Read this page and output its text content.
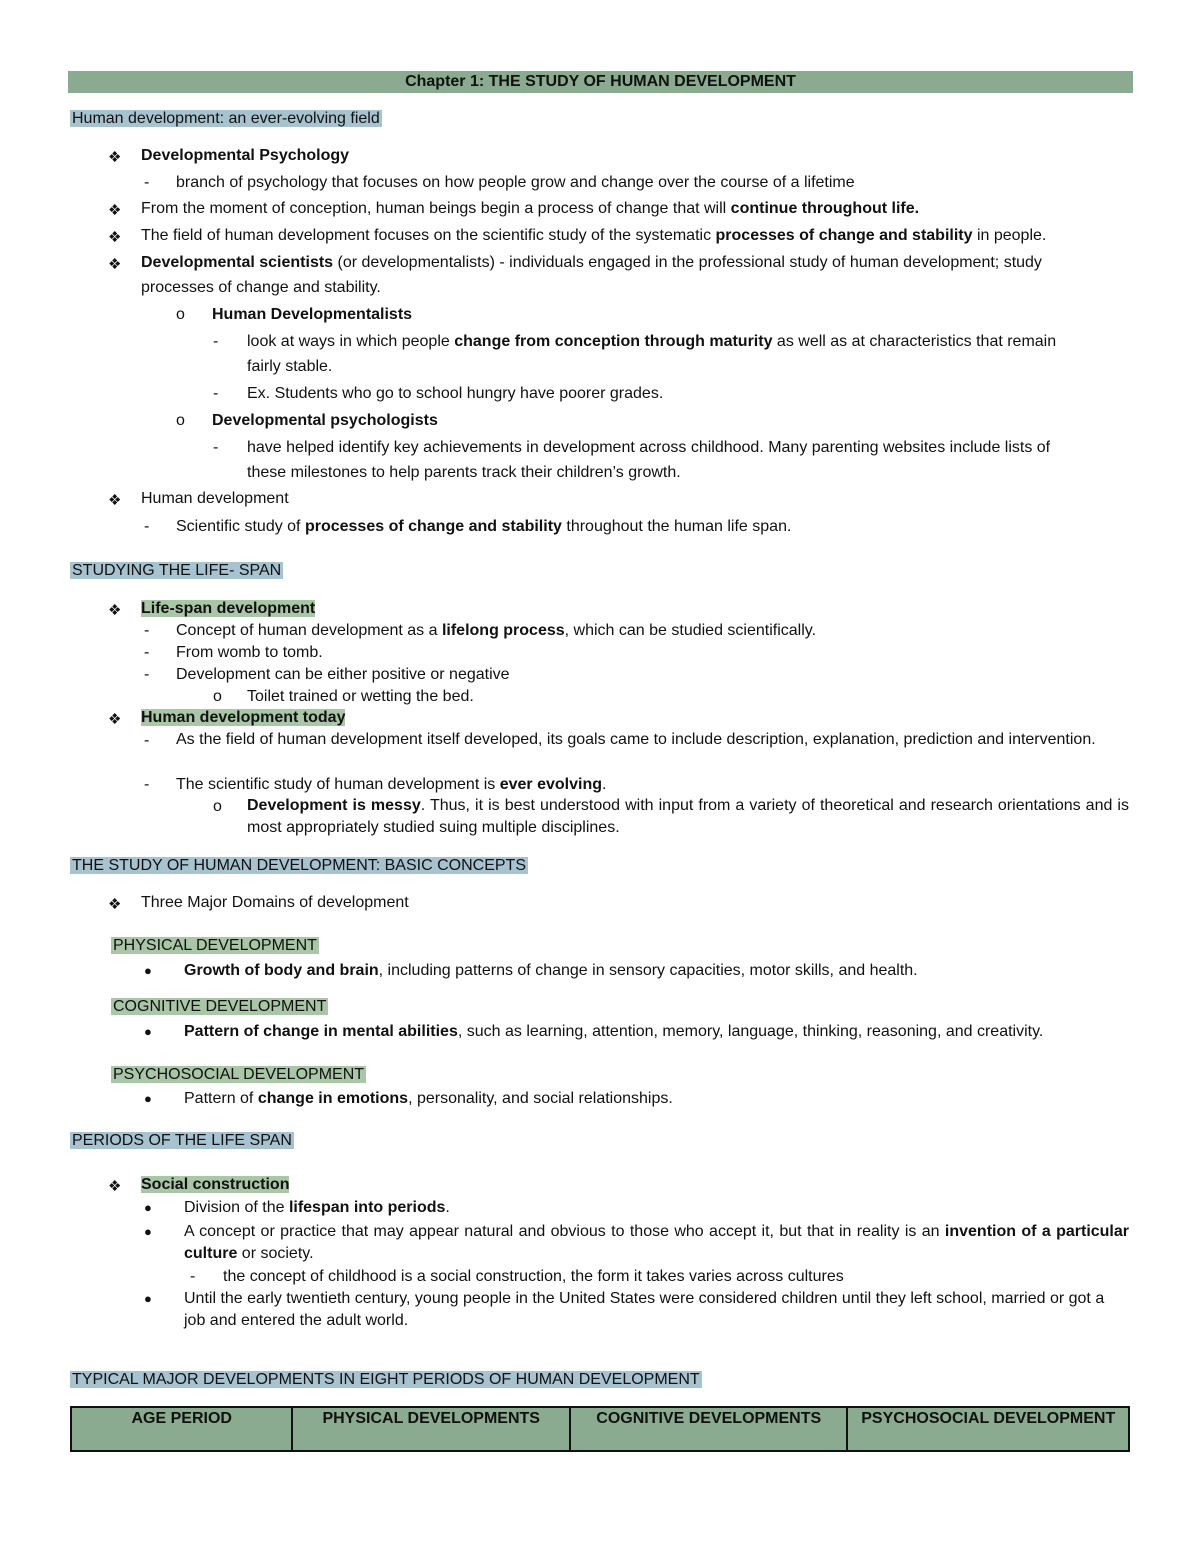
Chapter 1: THE STUDY OF HUMAN DEVELOPMENT
Human development: an ever-evolving field
❖ Developmental Psychology
- branch of psychology that focuses on how people grow and change over the course of a lifetime
❖ From the moment of conception, human beings begin a process of change that will continue throughout life.
❖ The field of human development focuses on the scientific study of the systematic processes of change and stability in people.
❖ Developmental scientists (or developmentalists) - individuals engaged in the professional study of human development; study
processes of change and stability.
o Human Developmentalists
- look at ways in which people change from conception through maturity as well as at characteristics that remain
fairly stable.
- Ex. Students who go to school hungry have poorer grades.
o Developmental psychologists
- have helped identify key achievements in development across childhood. Many parenting websites include lists of
these milestones to help parents track their children’s growth.
❖ Human development
- Scientific study of processes of change and stability throughout the human life span.
STUDYING THE LIFE- SPAN
❖ Life-span development
- Concept of human development as a lifelong process, which can be studied scientifically.
- From womb to tomb.
- Development can be either positive or negative
o Toilet trained or wetting the bed.
❖ Human development today
- As the field of human development itself developed, its goals came to include description, explanation, prediction and intervention.
- The scientific study of human development is ever evolving.
o Development is messy. Thus, it is best understood with input from a variety of theoretical and research orientations and is most appropriately studied suing multiple disciplines.
THE STUDY OF HUMAN DEVELOPMENT: BASIC CONCEPTS
❖ Three Major Domains of development
PHYSICAL DEVELOPMENT
● Growth of body and brain, including patterns of change in sensory capacities, motor skills, and health.
COGNITIVE DEVELOPMENT
● Pattern of change in mental abilities, such as learning, attention, memory, language, thinking, reasoning, and creativity.
PSYCHOSOCIAL DEVELOPMENT
● Pattern of change in emotions, personality, and social relationships.
PERIODS OF THE LIFE SPAN
❖ Social construction
● Division of the lifespan into periods.
● A concept or practice that may appear natural and obvious to those who accept it, but that in reality is an invention of a particular culture or society.
- the concept of childhood is a social construction, the form it takes varies across cultures
● Until the early twentieth century, young people in the United States were considered children until they left school, married or got a job and entered the adult world.
TYPICAL MAJOR DEVELOPMENTS IN EIGHT PERIODS OF HUMAN DEVELOPMENT
AGE PERIOD	PHYSICAL DEVELOPMENTS	COGNITIVE DEVELOPMENTS	PSYCHOSOCIAL DEVELOPMENT
